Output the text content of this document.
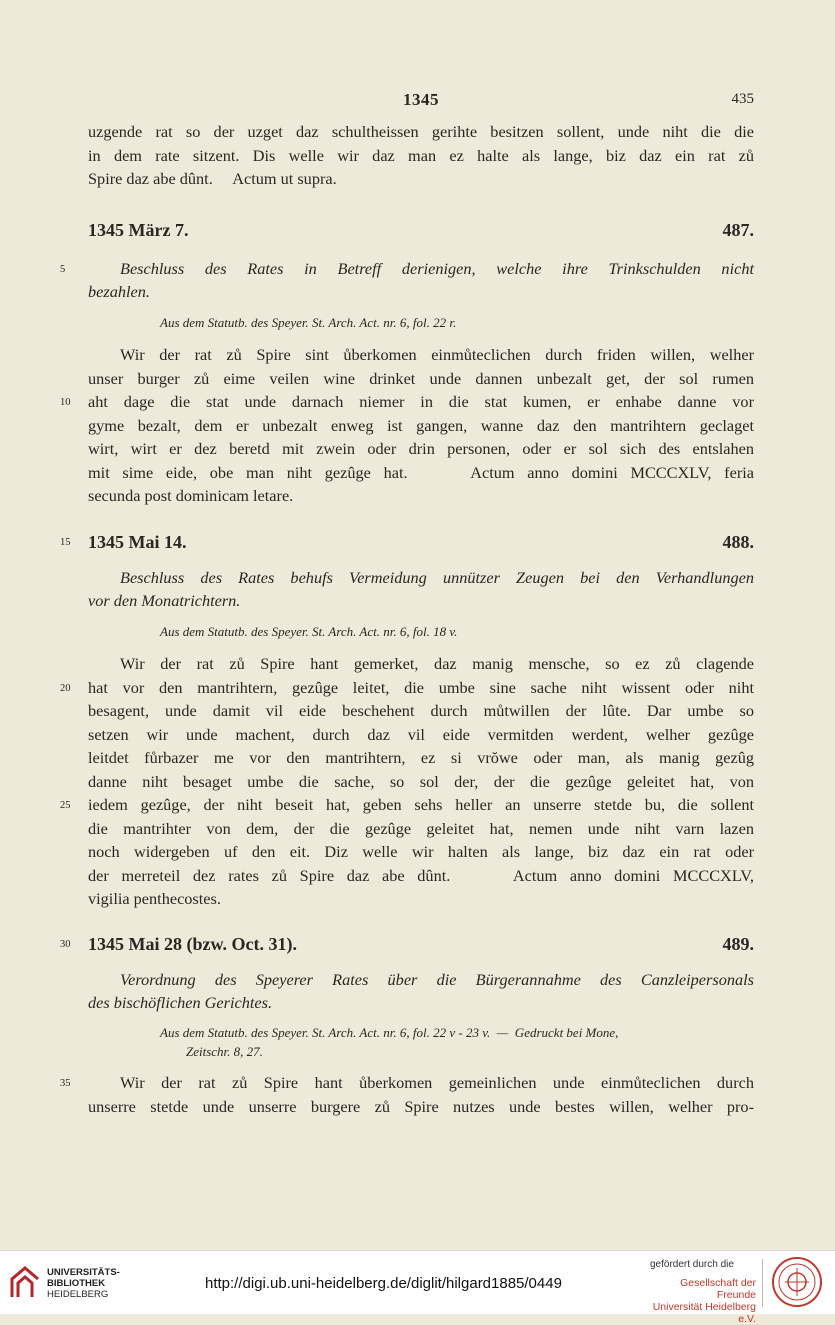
1345	435
uzgende rat so der uzget daz schultheissen gerihte besitzen sollent, unde niht die die
in dem rate sitzent. Dis welle wir daz man ez halte als lange, biz daz ein rat zů
Spire daz abe dûnt.     Actum ut supra.
1345 März 7.	487.
5	Beschluss des Rates in Betreff derienigen, welche ihre Trinkschulden nicht
bezahlen.
Aus dem Statutb. des Speyer. St. Arch. Act. nr. 6, fol. 22 r.
Wir der rat zů Spire sint ůberkomen einmůteclichen durch friden willen, welher
unser burger zů eime veilen wine drinket unde dannen unbezalt get, der sol rumen
10 aht dage die stat unde darnach niemer in die stat kumen, er enhabe danne vor
gyme bezalt, dem er unbezalt enweg ist gangen, wanne daz den mantrihtern geclaget
wirt, wirt er dez beretd mit zwein oder drin personen, oder er sol sich des entslahen
mit sime eide, obe man niht gezûge hat.     Actum anno domini MCCCXLV, feria
secunda post dominicam letare.
15 1345 Mai 14.	488.
Beschluss des Rates behufs Vermeidung unnützer Zeugen bei den Verhandlungen
vor den Monatrichtern.
Aus dem Statutb. des Speyer. St. Arch. Act. nr. 6, fol. 18 v.
Wir der rat zů Spire hant gemerket, daz manig mensche, so ez zů clagende
20 hat vor den mantrihtern, gezûge leitet, die umbe sine sache niht wissent oder niht
besagent, unde damit vil eide beschehent durch můtwillen der lûte. Dar umbe so
setzen wir unde machent, durch daz vil eide vermitden werdent, welher gezûge
leitdet fůrbazer me vor den mantrihtern, ez si vrŏwe oder man, als manig gezûg
danne niht besaget umbe die sache, so sol der, der die gezûge geleitet hat, von
25 iedem gezûge, der niht beseit hat, geben sehs heller an unserre stetde bu, die sollent
die mantrihter von dem, der die gezûge geleitet hat, nemen unde niht varn lazen
noch widergeben uf den eit. Diz welle wir halten als lange, biz daz ein rat oder
der merreteil dez rates zů Spire daz abe dûnt.     Actum anno domini MCCCXLV,
vigilia penthecostes.
30 1345 Mai 28 (bzw. Oct. 31).	489.
Verordnung des Speyerer Rates über die Bürgerannahme des Canzleipersonals
des bischöflichen Gerichtes.
Aus dem Statutb. des Speyer. St. Arch. Act. nr. 6, fol. 22 v - 23 v.  —  Gedruckt bei Mone,
Zeitschr. 8, 27.
35	Wir der rat zů Spire hant ůberkomen gemeinlichen unde einmůteclichen durch
unserre stetde unde unserre burgere zů Spire nutzes unde bestes willen, welher pro-
UNIVERSITÄTS-
BIBLIOTHEK
HEIDELBERG
http://digi.ub.uni-heidelberg.de/diglit/hilgard1885/0449
gefördert durch die
Gesellschaft der Freunde
Universität Heidelberg e.V.
